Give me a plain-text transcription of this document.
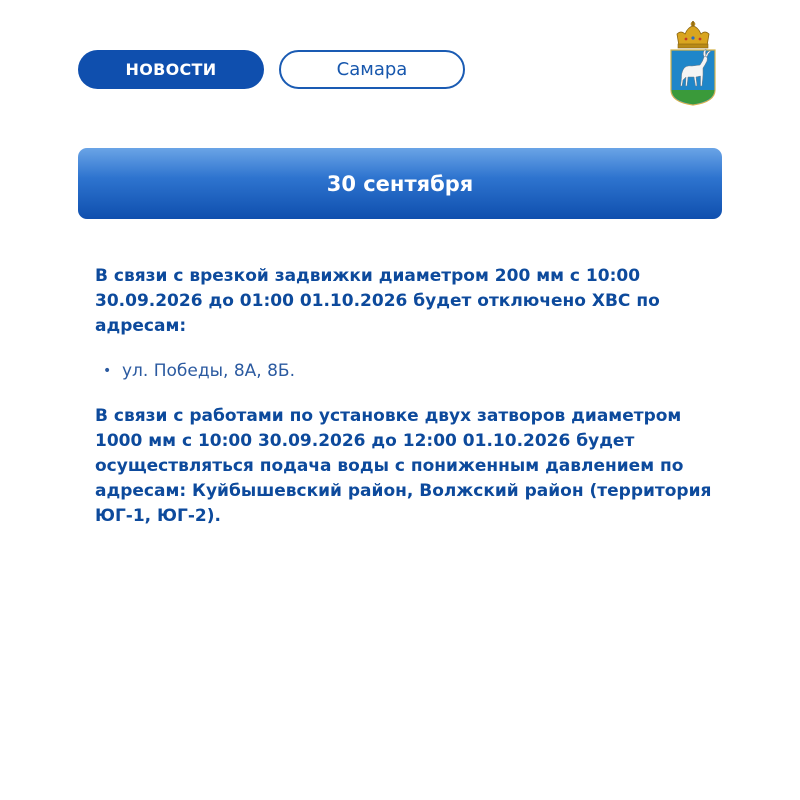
НОВОСТИ	Самара
30 сентября

В связи с врезкой задвижки диаметром 200 мм с 10:00 30.09.2026 до 01:00 01.10.2026 будет отключено ХВС по адресам:

• ул. Победы, 8А, 8Б.

В связи с работами по установке двух затворов диаметром 1000 мм с 10:00 30.09.2026 до 12:00 01.10.2026 будет осуществляться подача воды с пониженным давлением по адресам: Куйбышевский район, Волжский район (территория ЮГ-1, ЮГ-2).
